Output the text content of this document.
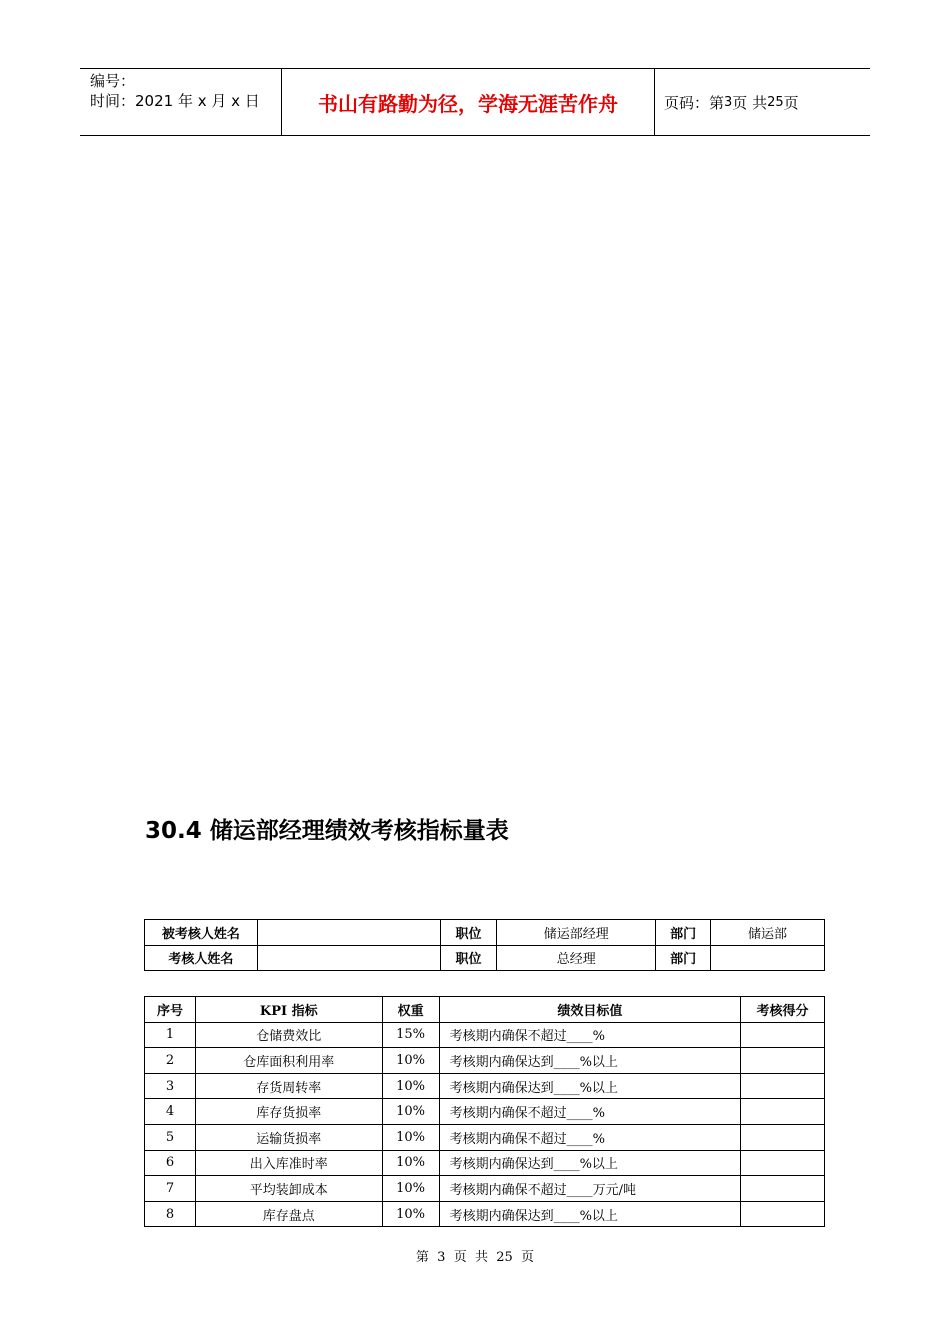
编号：
时间：2021 年 x 月 x 日	书山有路勤为径，学海无涯苦作舟	页码：第 3 页 共 25 页
30.4 储运部经理绩效考核指标量表
被考核人姓名		职位	储运部经理	部门	储运部
考核人姓名		职位	总经理	部门	
序号	KPI 指标	权重	绩效目标值	考核得分
1	仓储费效比	15%	考核期内确保不超过____%	
2	仓库面积利用率	10%	考核期内确保达到____%以上	
3	存货周转率	10%	考核期内确保达到____%以上	
4	库存货损率	10%	考核期内确保不超过____%	
5	运输货损率	10%	考核期内确保不超过____%	
6	出入库准时率	10%	考核期内确保达到____%以上	
7	平均装卸成本	10%	考核期内确保不超过____万元/吨	
8	库存盘点	10%	考核期内确保达到____%以上	
第  3  页  共  25  页
